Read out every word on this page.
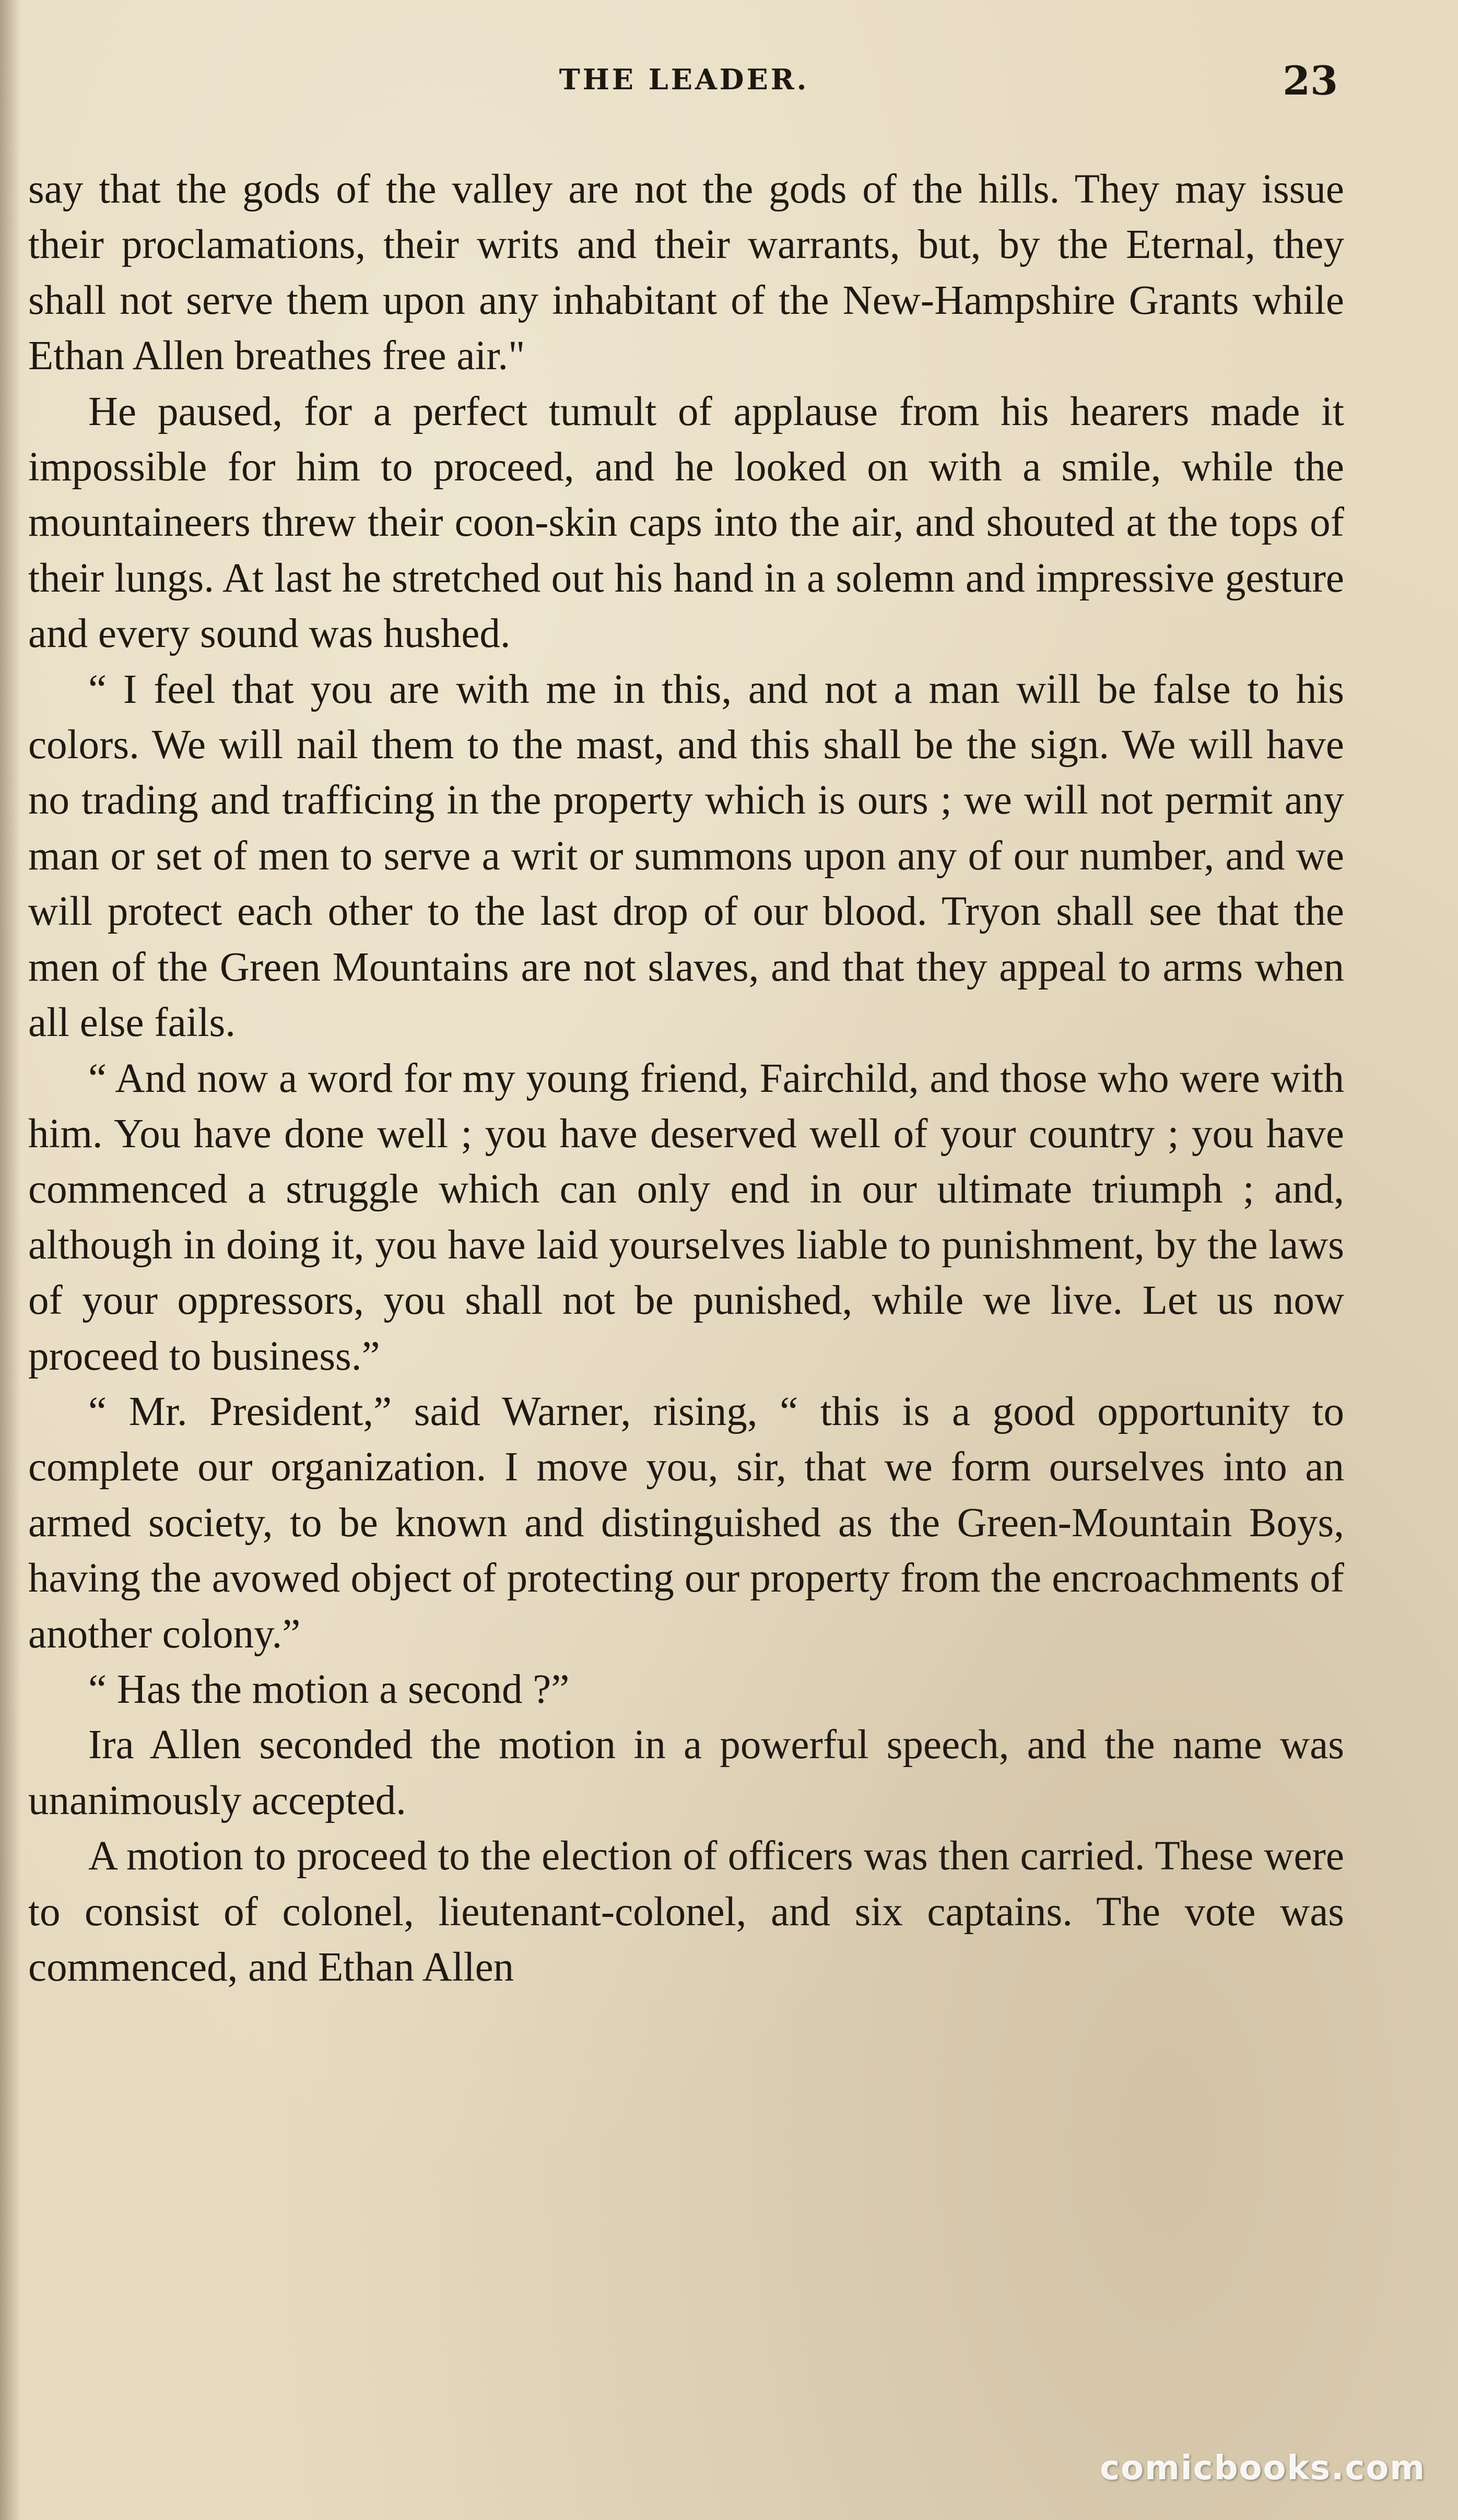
THE LEADER.	23

say that the gods of the valley are not the gods of the hills. They may issue their proclamations, their writs and their warrants, but, by the Eternal, they shall not serve them upon any inhabitant of the New-Hampshire Grants while Ethan Allen breathes free air."

He paused, for a perfect tumult of applause from his hearers made it impossible for him to proceed, and he looked on with a smile, while the mountaineers threw their coon-skin caps into the air, and shouted at the tops of their lungs. At last he stretched out his hand in a solemn and impressive gesture and every sound was hushed.

“ I feel that you are with me in this, and not a man will be false to his colors. We will nail them to the mast, and this shall be the sign. We will have no trading and trafficing in the property which is ours ; we will not permit any man or set of men to serve a writ or summons upon any of our number, and we will protect each other to the last drop of our blood. Tryon shall see that the men of the Green Mountains are not slaves, and that they appeal to arms when all else fails.

“ And now a word for my young friend, Fairchild, and those who were with him. You have done well ; you have deserved well of your country ; you have commenced a struggle which can only end in our ultimate triumph ; and, although in doing it, you have laid yourselves liable to punishment, by the laws of your oppressors, you shall not be punished, while we live. Let us now proceed to business.”

“ Mr. President,” said Warner, rising, “ this is a good opportunity to complete our organization. I move you, sir, that we form ourselves into an armed society, to be known and distinguished as the Green-Mountain Boys, having the avowed object of protecting our property from the encroachments of another colony.”

“ Has the motion a second ?”

Ira Allen seconded the motion in a powerful speech, and the name was unanimously accepted.

A motion to proceed to the election of officers was then carried. These were to consist of colonel, lieutenant-colonel, and six captains. The vote was commenced, and Ethan Allen

comicbooks.com
